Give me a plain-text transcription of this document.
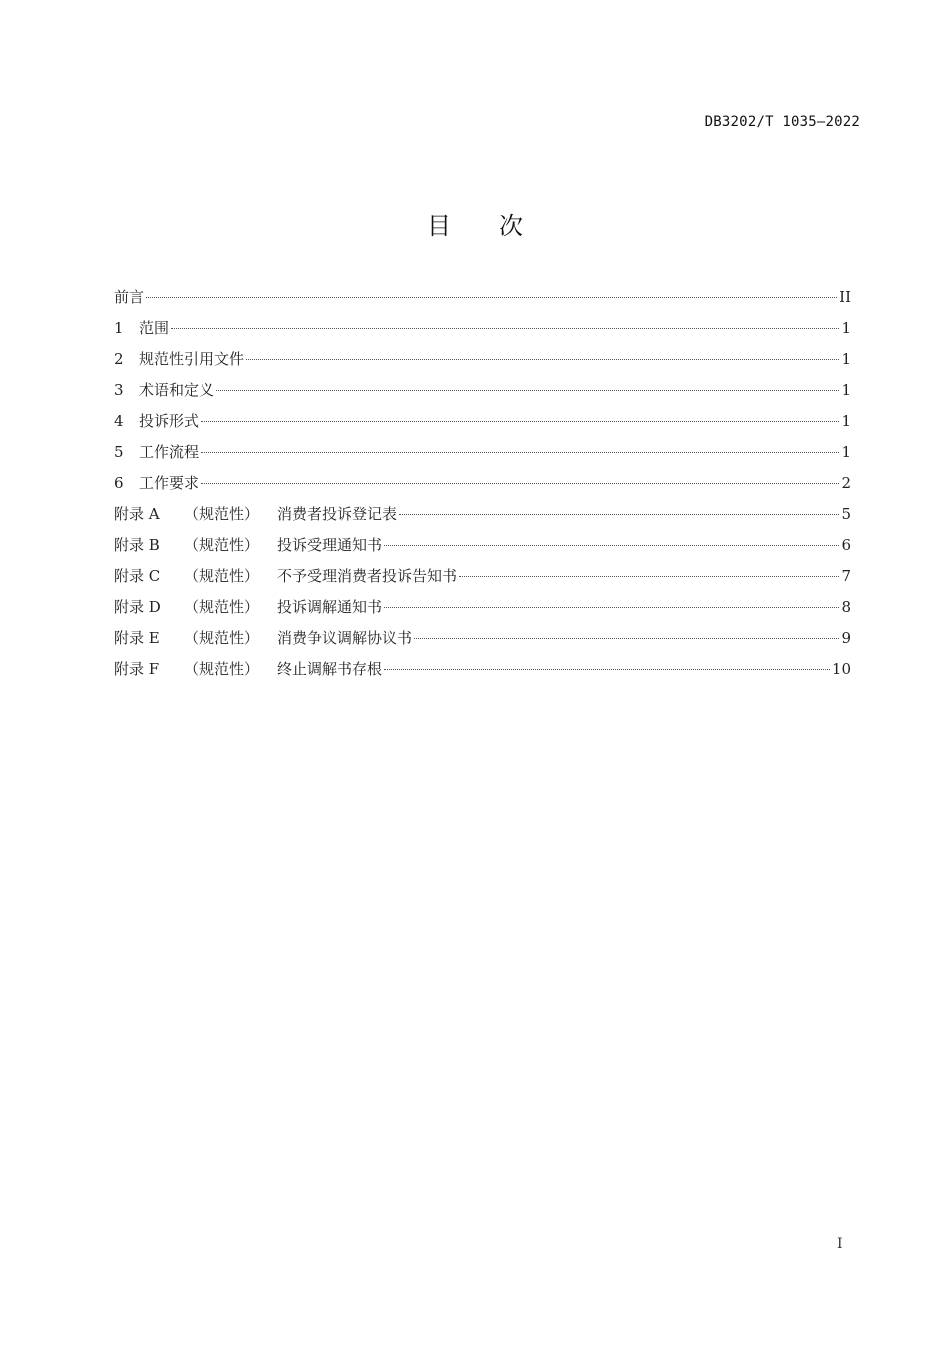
DB3202/T 1035—2022
目 次
前言	II
1	范围	1
2	规范性引用文件	1
3	术语和定义	1
4	投诉形式	1
5	工作流程	1
6	工作要求	2
附录 A	（规范性）	消费者投诉登记表	5
附录 B	（规范性）	投诉受理通知书	6
附录 C	（规范性）	不予受理消费者投诉告知书	7
附录 D	（规范性）	投诉调解通知书	8
附录 E	（规范性）	消费争议调解协议书	9
附录 F	（规范性）	终止调解书存根	10
I
